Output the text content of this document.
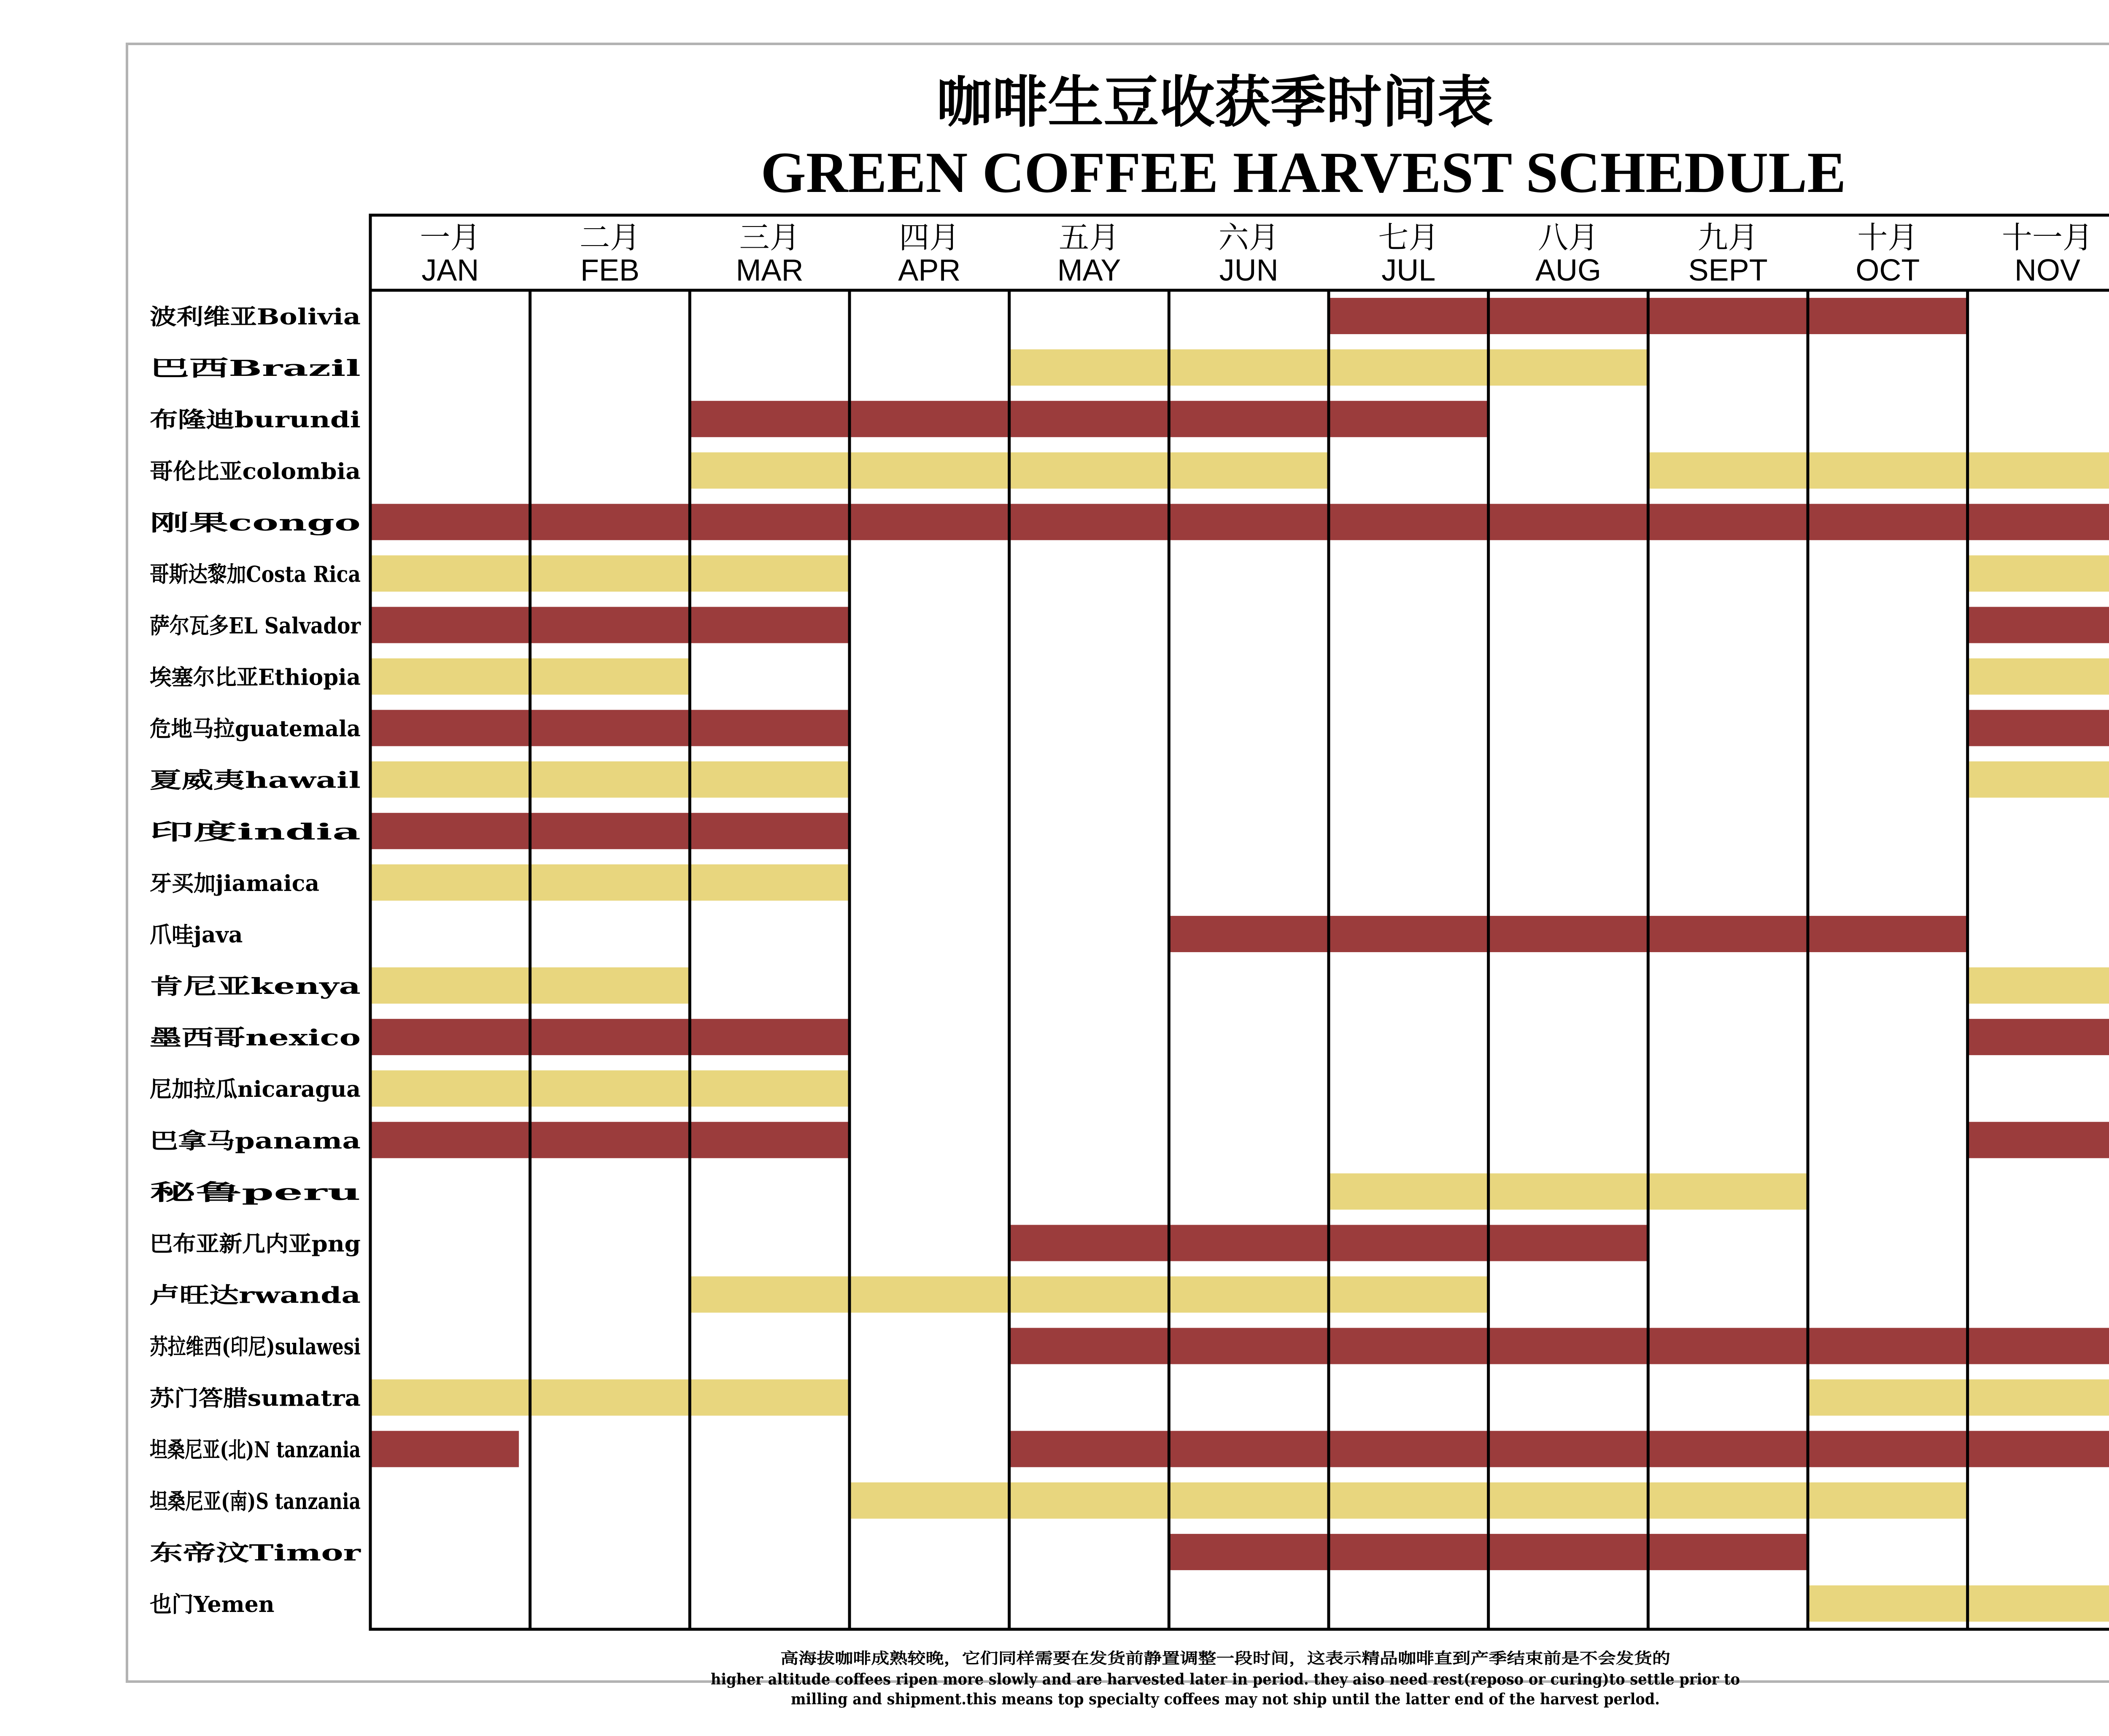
咖啡生豆收获季时间表
GREEN COFFEE HARVEST SCHEDULE
一月
JAN
二月
FEB
三月
MAR
四月
APR
五月
MAY
六月
JUN
七月
JUL
八月
AUG
九月
SEPT
十月
OCT
十一月
NOV
波利维亚Bolivia
巴西Brazil
布隆迪burundi
哥伦比亚colombia
刚果congo
哥斯达黎加Costa Rica
萨尔瓦多EL Salvador
埃塞尔比亚Ethiopia
危地马拉guatemala
夏威夷hawail
印度india
牙买加jiamaica
爪哇java
肯尼亚kenya
墨西哥nexico
尼加拉瓜nicaragua
巴拿马panama
秘鲁peru
巴布亚新几内亚png
卢旺达rwanda
苏拉维西(印尼)sulawesi
苏门答腊sumatra
坦桑尼亚(北)N tanzania
坦桑尼亚(南)S tanzania
东帝汶Timor
也门Yemen
高海拔咖啡成熟较晚，它们同样需要在发货前静置调整一段时间，这表示精品咖啡直到产季结束前是不会发货的
higher altitude coffees ripen more slowly and are harvested later in period. they aiso need rest(reposo or curing)to settle prior to
milling and shipment.this means top specialty coffees may not ship until the latter end of the harvest perlod.
